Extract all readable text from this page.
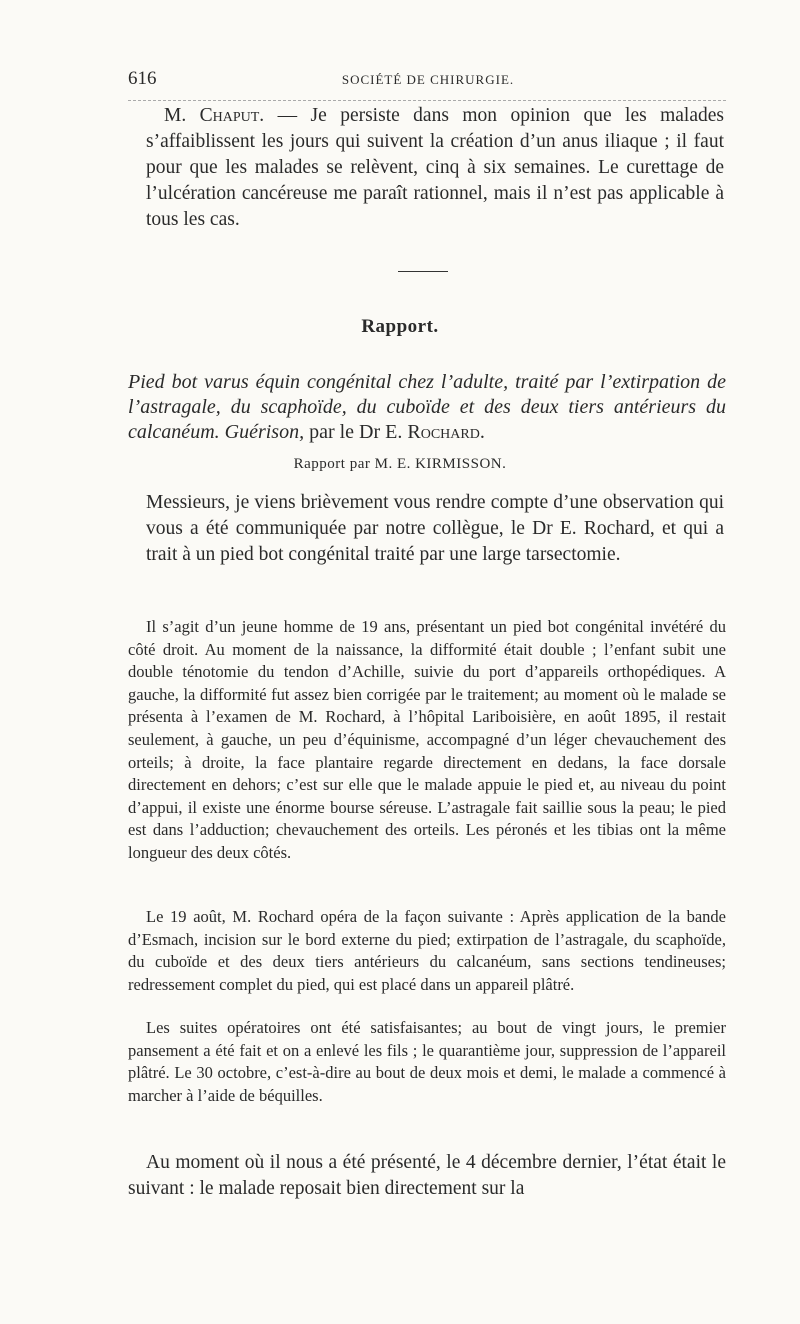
616	SOCIÉTÉ DE CHIRURGIE.

M. Chaput. — Je persiste dans mon opinion que les malades s’affaiblissent les jours qui suivent la création d’un anus iliaque ; il faut pour que les malades se relèvent, cinq à six semaines. Le curettage de l’ulcération cancéreuse me paraît rationnel, mais il n’est pas applicable à tous les cas.

Rapport.

Pied bot varus équin congénital chez l’adulte, traité par l’extirpation de l’astragale, du scaphoïde, du cuboïde et des deux tiers antérieurs du calcanéum. Guérison, par le Dr E. Rochard.

Rapport par M. E. KIRMISSON.

Messieurs, je viens brièvement vous rendre compte d’une observation qui vous a été communiquée par notre collègue, le Dr E. Rochard, et qui a trait à un pied bot congénital traité par une large tarsectomie.

Il s’agit d’un jeune homme de 19 ans, présentant un pied bot congénital invétéré du côté droit. Au moment de la naissance, la difformité était double ; l’enfant subit une double ténotomie du tendon d’Achille, suivie du port d’appareils orthopédiques. A gauche, la difformité fut assez bien corrigée par le traitement; au moment où le malade se présenta à l’examen de M. Rochard, à l’hôpital Lariboisière, en août 1895, il restait seulement, à gauche, un peu d’équinisme, accompagné d’un léger chevauchement des orteils; à droite, la face plantaire regarde directement en dedans, la face dorsale directement en dehors; c’est sur elle que le malade appuie le pied et, au niveau du point d’appui, il existe une énorme bourse séreuse. L’astragale fait saillie sous la peau; le pied est dans l’adduction; chevauchement des orteils. Les péronés et les tibias ont la même longueur des deux côtés.

Le 19 août, M. Rochard opéra de la façon suivante : Après application de la bande d’Esmach, incision sur le bord externe du pied; extirpation de l’astragale, du scaphoïde, du cuboïde et des deux tiers antérieurs du calcanéum, sans sections tendineuses; redressement complet du pied, qui est placé dans un appareil plâtré.

Les suites opératoires ont été satisfaisantes; au bout de vingt jours, le premier pansement a été fait et on a enlevé les fils ; le quarantième jour, suppression de l’appareil plâtré. Le 30 octobre, c’est-à-dire au bout de deux mois et demi, le malade a commencé à marcher à l’aide de béquilles.

Au moment où il nous a été présenté, le 4 décembre dernier, l’état était le suivant : le malade reposait bien directement sur la
